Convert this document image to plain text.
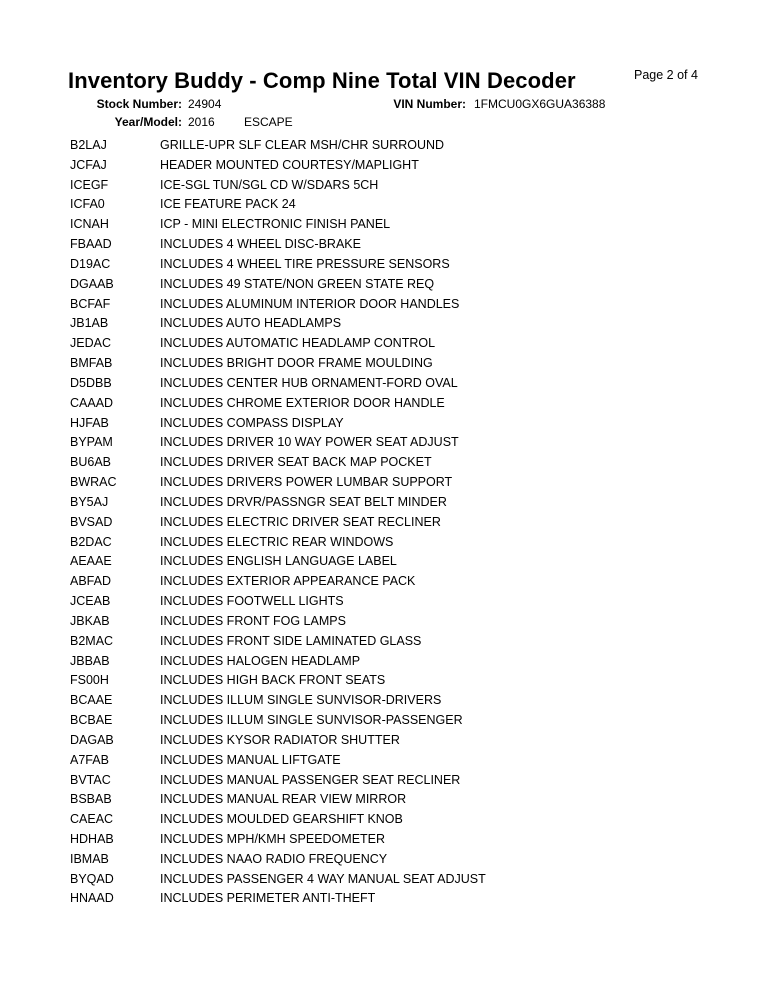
Inventory Buddy - Comp Nine Total VIN Decoder	Page 2 of 4
Stock Number: 24904	VIN Number: 1FMCU0GX6GUA36388
Year/Model: 2016 ESCAPE
B2LAJ	GRILLE-UPR SLF CLEAR MSH/CHR SURROUND
JCFAJ	HEADER MOUNTED COURTESY/MAPLIGHT
ICEGF	ICE-SGL TUN/SGL CD W/SDARS 5CH
ICFA0	ICE FEATURE PACK 24
ICNAH	ICP - MINI ELECTRONIC FINISH PANEL
FBAAD	INCLUDES 4 WHEEL DISC-BRAKE
D19AC	INCLUDES 4 WHEEL TIRE PRESSURE SENSORS
DGAAB	INCLUDES 49 STATE/NON GREEN STATE REQ
BCFAF	INCLUDES ALUMINUM INTERIOR DOOR HANDLES
JB1AB	INCLUDES AUTO HEADLAMPS
JEDAC	INCLUDES AUTOMATIC HEADLAMP CONTROL
BMFAB	INCLUDES BRIGHT DOOR FRAME MOULDING
D5DBB	INCLUDES CENTER HUB ORNAMENT-FORD OVAL
CAAAD	INCLUDES CHROME EXTERIOR DOOR HANDLE
HJFAB	INCLUDES COMPASS DISPLAY
BYPAM	INCLUDES DRIVER 10 WAY POWER SEAT ADJUST
BU6AB	INCLUDES DRIVER SEAT BACK MAP POCKET
BWRAC	INCLUDES DRIVERS POWER LUMBAR SUPPORT
BY5AJ	INCLUDES DRVR/PASSNGR SEAT BELT MINDER
BVSAD	INCLUDES ELECTRIC DRIVER SEAT RECLINER
B2DAC	INCLUDES ELECTRIC REAR WINDOWS
AEAAE	INCLUDES ENGLISH LANGUAGE LABEL
ABFAD	INCLUDES EXTERIOR APPEARANCE PACK
JCEAB	INCLUDES FOOTWELL LIGHTS
JBKAB	INCLUDES FRONT FOG LAMPS
B2MAC	INCLUDES FRONT SIDE LAMINATED GLASS
JBBAB	INCLUDES HALOGEN HEADLAMP
FS00H	INCLUDES HIGH BACK FRONT SEATS
BCAAE	INCLUDES ILLUM SINGLE SUNVISOR-DRIVERS
BCBAE	INCLUDES ILLUM SINGLE SUNVISOR-PASSENGER
DAGAB	INCLUDES KYSOR RADIATOR SHUTTER
A7FAB	INCLUDES MANUAL LIFTGATE
BVTAC	INCLUDES MANUAL PASSENGER SEAT RECLINER
BSBAB	INCLUDES MANUAL REAR VIEW MIRROR
CAEAC	INCLUDES MOULDED GEARSHIFT KNOB
HDHAB	INCLUDES MPH/KMH SPEEDOMETER
IBMAB	INCLUDES NAAO RADIO FREQUENCY
BYQAD	INCLUDES PASSENGER 4 WAY MANUAL SEAT ADJUST
HNAAD	INCLUDES PERIMETER ANTI-THEFT
